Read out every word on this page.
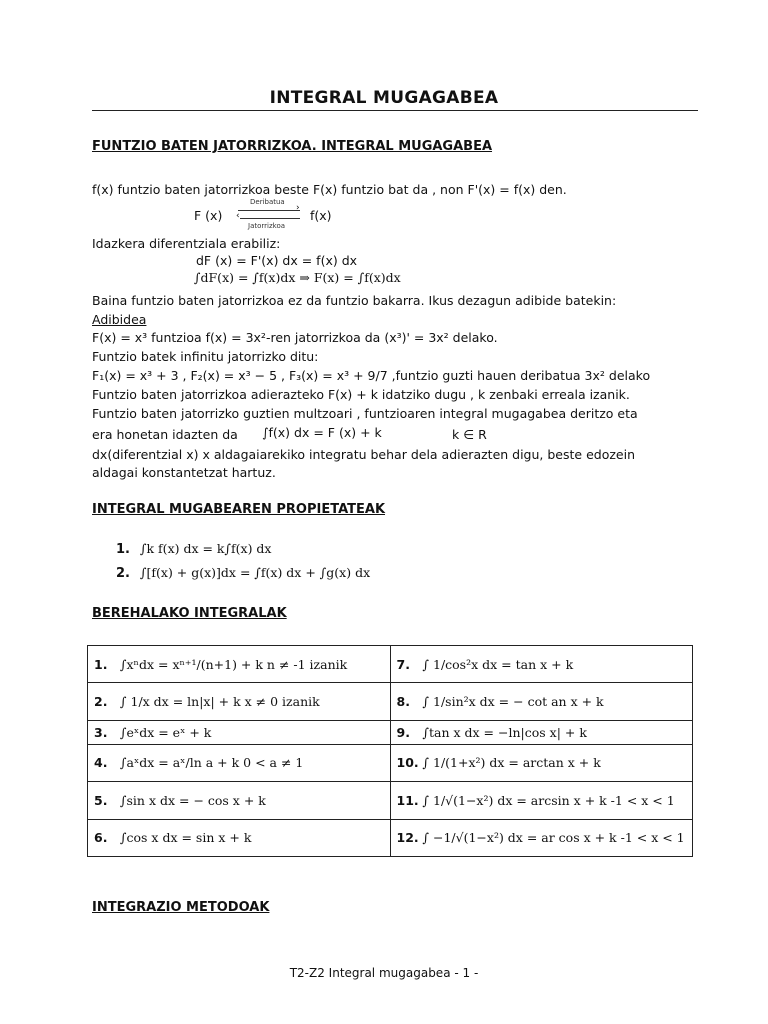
INTEGRAL MUGAGABEA
FUNTZIO BATEN JATORRIZKOA. INTEGRAL MUGAGABEA
f(x) funtzio baten jatorrizkoa beste F(x) funtzio bat da , non F'(x) = f(x) den.
F (x)
Deribatua
›
‹
Jatorrizkoa
f(x)
Idazkera diferentziala erabiliz:
dF (x) = F'(x) dx = f(x) dx
∫dF(x) = ∫f(x)dx ⇒ F(x) = ∫f(x)dx
Baina funtzio baten jatorrizkoa ez da funtzio bakarra. Ikus dezagun adibide batekin:
Adibidea
F(x) = x³ funtzioa f(x) = 3x²-ren jatorrizkoa da (x³)' = 3x² delako.
Funtzio batek infinitu jatorrizko ditu:
F₁(x) = x³ + 3 , F₂(x) = x³ − 5 , F₃(x) = x³ + 9/7 ,funtzio guzti hauen deribatua 3x² delako
Funtzio baten jatorrizkoa adierazteko F(x) + k idatziko dugu , k zenbaki erreala izanik.
Funtzio baten jatorrizko guztien multzoari , funtzioaren integral mugagabea deritzo eta
era honetan idazten da ∫f(x) dx = F (x) + k	k ∈ R
dx(diferentzial x) x aldagaiarekiko integratu behar dela adierazten digu, beste edozein
aldagai konstantetzat hartuz.
INTEGRAL MUGABEAREN PROPIETATEAK
1. ∫k f(x) dx = k∫f(x) dx
2. ∫[f(x) + g(x)]dx = ∫f(x) dx + ∫g(x) dx
BEREHALAKO INTEGRALAK
1. ∫xⁿdx = xⁿ⁺¹/(n+1) + k n ≠ -1 izanik	7. ∫ 1/cos²x dx = tan x + k
2. ∫ 1/x dx = ln|x| + k x ≠ 0 izanik	8. ∫ 1/sin²x dx = − cot an x + k
3. ∫eˣdx = eˣ + k	9. ∫tan x dx = −ln|cos x| + k
4. ∫aˣdx = aˣ/ln a + k 0 < a ≠ 1	10. ∫ 1/(1+x²) dx = arctan x + k
5. ∫sin x dx = − cos x + k	11. ∫ 1/√(1−x²) dx = arcsin x + k -1 < x < 1
6. ∫cos x dx = sin x + k	12. ∫ −1/√(1−x²) dx = ar cos x + k -1 < x < 1
INTEGRAZIO METODOAK
T2-Z2 Integral mugagabea - 1 -
